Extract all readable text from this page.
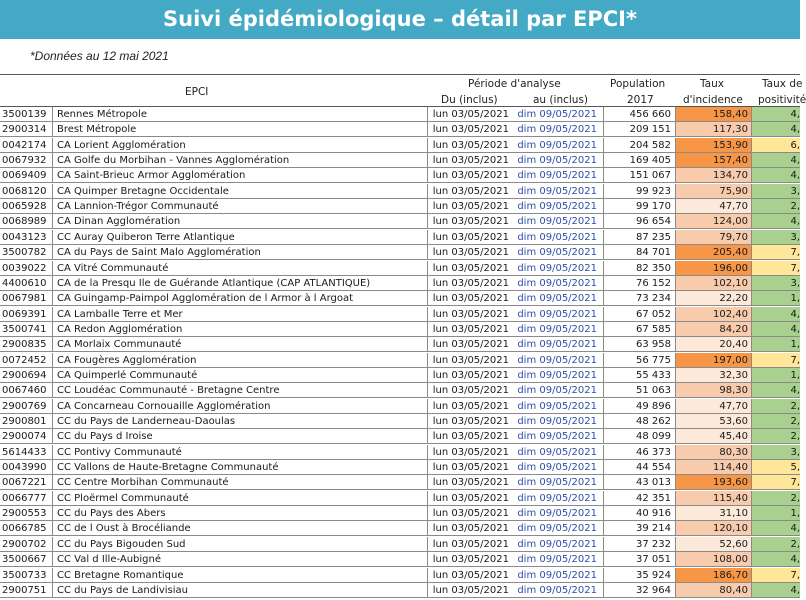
Suivi épidémiologique – détail par EPCI*
*Données au 12 mai 2021
EPCI
Période d'analyse
Du (inclus)	au (inclus)
Population
2017
Taux
d'incidence
Taux de
positivité
3500139	Rennes Métropole	lun 03/05/2021 dim 09/05/2021	456 660	158,40	4,
2900314	Brest Métropole	lun 03/05/2021 dim 09/05/2021	209 151	117,30	4,
0042174	CA Lorient Agglomération	lun 03/05/2021 dim 09/05/2021	204 582	153,90	6,
0067932	CA Golfe du Morbihan - Vannes Agglomération	lun 03/05/2021 dim 09/05/2021	169 405	157,40	4,
0069409	CA Saint-Brieuc Armor Agglomération	lun 03/05/2021 dim 09/05/2021	151 067	134,70	4,
0068120	CA Quimper Bretagne Occidentale	lun 03/05/2021 dim 09/05/2021	99 923	75,90	3,
0065928	CA Lannion-Trégor Communauté	lun 03/05/2021 dim 09/05/2021	99 170	47,70	2,
0068989	CA Dinan Agglomération	lun 03/05/2021 dim 09/05/2021	96 654	124,00	4,
0043123	CC Auray Quiberon Terre Atlantique	lun 03/05/2021 dim 09/05/2021	87 235	79,70	3,
3500782	CA du Pays de Saint Malo Agglomération	lun 03/05/2021 dim 09/05/2021	84 701	205,40	7,
0039022	CA Vitré Communauté	lun 03/05/2021 dim 09/05/2021	82 350	196,00	7,
4400610	CA de la Presqu Ile de Guérande Atlantique (CAP ATLANTIQUE)	lun 03/05/2021 dim 09/05/2021	76 152	102,10	3,
0067981	CA Guingamp-Paimpol Agglomération de l Armor à l Argoat	lun 03/05/2021 dim 09/05/2021	73 234	22,20	1,
0069391	CA Lamballe Terre et Mer	lun 03/05/2021 dim 09/05/2021	67 052	102,40	4,
3500741	CA Redon Agglomération	lun 03/05/2021 dim 09/05/2021	67 585	84,20	4,
2900835	CA Morlaix Communauté	lun 03/05/2021 dim 09/05/2021	63 958	20,40	1,
0072452	CA Fougères Agglomération	lun 03/05/2021 dim 09/05/2021	56 775	197,00	7,
2900694	CA Quimperlé Communauté	lun 03/05/2021 dim 09/05/2021	55 433	32,30	1,
0067460	CC Loudéac Communauté - Bretagne Centre	lun 03/05/2021 dim 09/05/2021	51 063	98,30	4,
2900769	CA Concarneau Cornouaille Agglomération	lun 03/05/2021 dim 09/05/2021	49 896	47,70	2,
2900801	CC du Pays de Landerneau-Daoulas	lun 03/05/2021 dim 09/05/2021	48 262	53,60	2,
2900074	CC du Pays d Iroise	lun 03/05/2021 dim 09/05/2021	48 099	45,40	2,
5614433	CC Pontivy Communauté	lun 03/05/2021 dim 09/05/2021	46 373	80,30	3,
0043990	CC Vallons de Haute-Bretagne Communauté	lun 03/05/2021 dim 09/05/2021	44 554	114,40	5,
0067221	CC Centre Morbihan Communauté	lun 03/05/2021 dim 09/05/2021	43 013	193,60	7,
0066777	CC Ploërmel Communauté	lun 03/05/2021 dim 09/05/2021	42 351	115,40	2,
2900553	CC du Pays des Abers	lun 03/05/2021 dim 09/05/2021	40 916	31,10	1,
0066785	CC de l Oust à Brocéliande	lun 03/05/2021 dim 09/05/2021	39 214	120,10	4,
2900702	CC du Pays Bigouden Sud	lun 03/05/2021 dim 09/05/2021	37 232	52,60	2,
3500667	CC Val d Ille-Aubigné	lun 03/05/2021 dim 09/05/2021	37 051	108,00	4,
3500733	CC Bretagne Romantique	lun 03/05/2021 dim 09/05/2021	35 924	186,70	7,
2900751	CC du Pays de Landivisiau	lun 03/05/2021 dim 09/05/2021	32 964	80,40	4,
